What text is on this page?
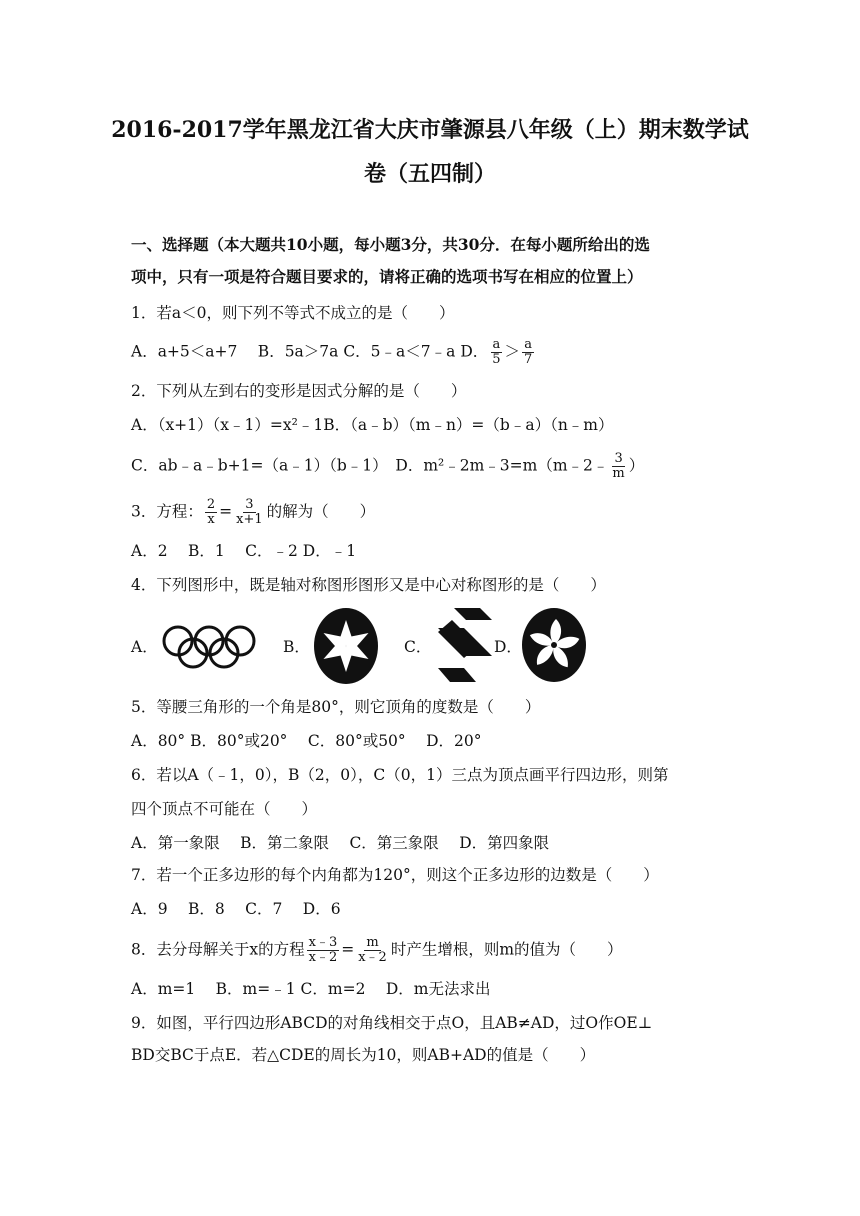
2016-2017学年黑龙江省大庆市肇源县八年级（上）期末数学试
卷（五四制）
一、选择题（本大题共10小题，每小题3分，共30分．在每小题所给出的选
项中，只有一项是符合题目要求的，请将正确的选项书写在相应的位置上）
1．若a＜0，则下列不等式不成立的是（　　）
A．a+5＜a+7　 B．5a＞7a C．5﹣a＜7﹣a D． $\frac{a}{5} > \frac{a}{7}$
2．下列从左到右的变形是因式分解的是（　　）
A．（x+1）（x﹣1）=x²﹣1B．（a﹣b）（m﹣n）=（b﹣a）（n﹣m）
C．ab﹣a﹣b+1=（a﹣1）（b﹣1）　D．m²﹣2m﹣3=m（m﹣2﹣ $\frac{3}{m}$ ）
3．方程： $\frac{2}{x} = \frac{3}{x+1}$ 的解为（　　）
A．2　 B．1　 C．﹣2 D．﹣1
4．下列图形中，既是轴对称图形图形又是中心对称图形的是（　　）
A．	B．	C．	D．
5．等腰三角形的一个角是80°，则它顶角的度数是（　　）
A．80° B．80°或20°　 C．80°或50°　 D．20°
6．若以A（﹣1，0），B（2，0），C（0，1）三点为顶点画平行四边形，则第
四个顶点不可能在（　　）
A．第一象限　 B．第二象限　 C．第三象限　 D．第四象限
7．若一个正多边形的每个内角都为120°，则这个正多边形的边数是（　　）
A．9　 B．8　 C．7　 D．6
8．去分母解关于x的方程 $\frac{x﹣3}{x﹣2} = \frac{m}{x﹣2}$ 时产生增根，则m的值为（　　）
A．m=1　 B．m=﹣1 C．m=2　 D．m无法求出
9．如图，平行四边形ABCD的对角线相交于点O，且AB≠AD，过O作OE⊥
BD交BC于点E．若△CDE的周长为10，则AB+AD的值是（　　）
